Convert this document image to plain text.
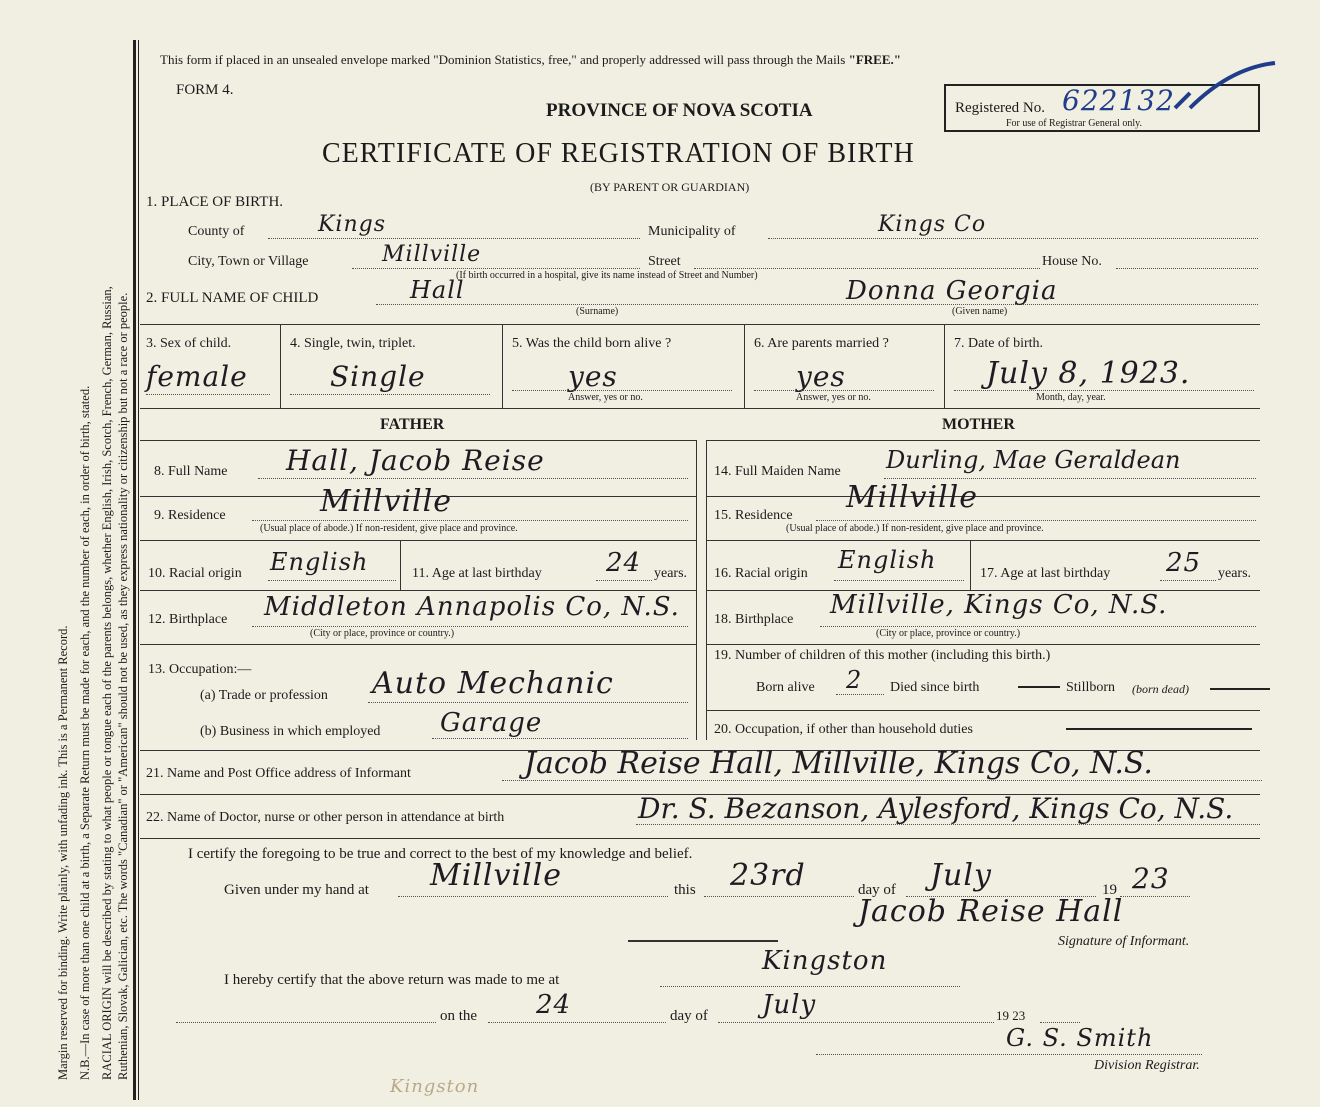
Margin reserved for binding. Write plainly, with unfading ink. This is a Permanent Record. N.B.—In case of more than one child at a birth, a Separate Return must be made for each, and the number of each, in order of birth, stated. RACIAL ORIGIN will be described by stating to what people or tongue each of the parents belongs, whether English, Irish, Scotch, French, German, Russian, Ruthenian, Slovak, Galician, etc. The words "Canadian" or "American" should not be used, as they express nationality or citizenship but not a race or people.
This form if placed in an unsealed envelope marked "Dominion Statistics, free," and properly addressed will pass through the Mails "FREE."
FORM 4.
PROVINCE OF NOVA SCOTIA
CERTIFICATE OF REGISTRATION OF BIRTH
(BY PARENT OR GUARDIAN)
Registered No. 622132
For use of Registrar General only.
1. PLACE OF BIRTH.
County of	Kings	Municipality of	Kings Co
City, Town or Village	Millville	Street	House No.
(If birth occurred in a hospital, give its name instead of Street and Number)
2. FULL NAME OF CHILD	Hall
(Surname)
Donna Georgia
(Given name)
3. Sex of child.
female
4. Single, twin, triplet.
Single
5. Was the child born alive ?
yes
Answer, yes or no.
6. Are parents married ?
yes
Answer, yes or no.
7. Date of birth.
July 8, 1923.
Month, day, year.
FATHER	MOTHER
8. Full Name Hall, Jacob Reise
9. Residence	Millville
(Usual place of abode.) If non-resident, give place and province.
10. Racial origin English	11. Age at last birthday 24 years.
12. Birthplace Middleton Annapolis Co, N.S.
(City or place, province or country.)
13. Occupation:—
(a) Trade or profession Auto Mechanic
(b) Business in which employed Garage
14. Full Maiden Name Durling, Mae Geraldean
15. Residence
Millville
(Usual place of abode.) If non-resident, give place and province.
16. Racial origin English	17. Age at last birthday 25 years.
18. Birthplace Millville, Kings Co, N.S.
(City or place, province or country.)
19. Number of children of this mother (including this birth.)
Born alive 2 Died since birth	Stillborn (born dead)
20. Occupation, if other than household duties
21. Name and Post Office address of Informant	Jacob Reise Hall, Millville, Kings Co, N.S.
22. Name of Doctor, nurse or other person in attendance at birth	Dr. S. Bezanson, Aylesford, Kings Co, N.S.
I certify the foregoing to be true and correct to the best of my knowledge and belief.
Given under my hand at Millville	this 23rd	day of July	19 23
Jacob Reise Hall
Signature of Informant.
I hereby certify that the above return was made to me at
Kingston
on the 24	day of July	19 23
G. S. Smith
Division Registrar.
Kingston
